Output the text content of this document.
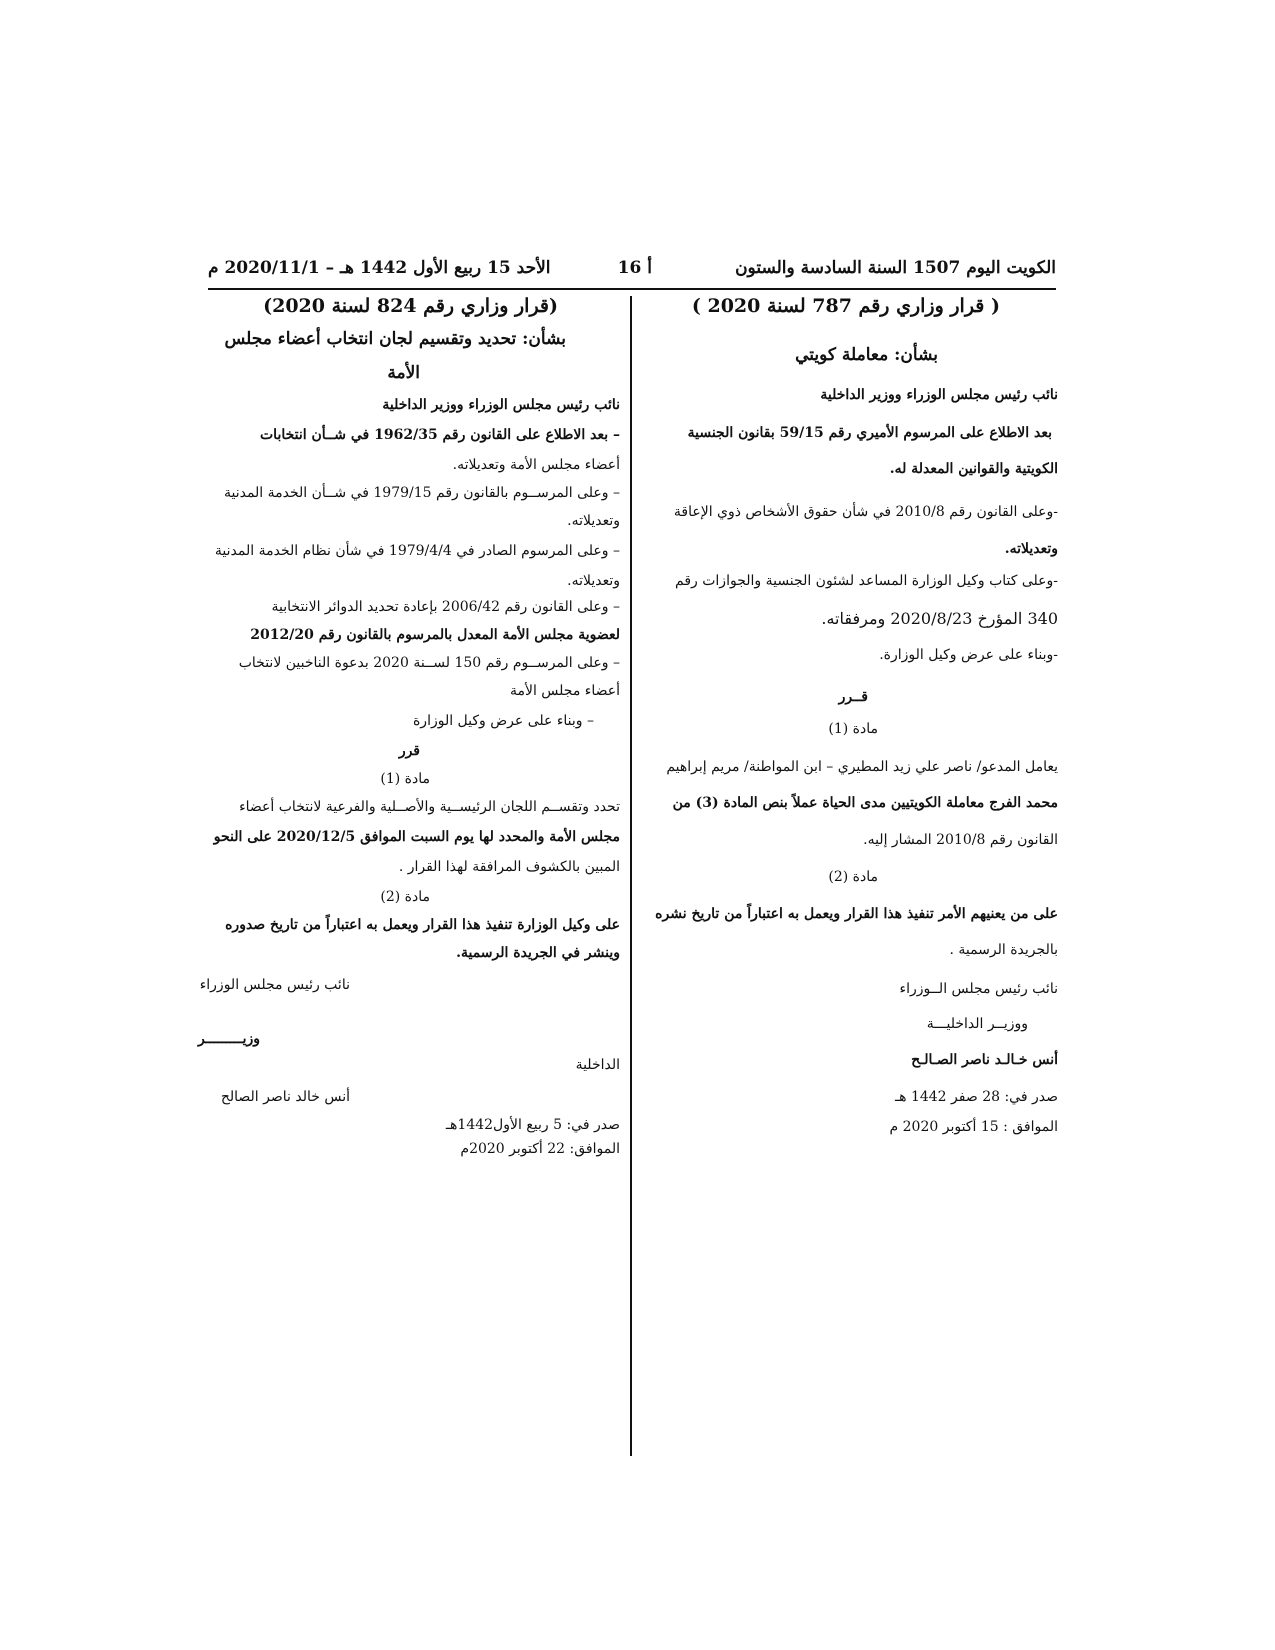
الكويت اليوم 1507 السنة السادسة والستون
أ 16
الأحد 15 ربيع الأول 1442 هـ – 2020/11/1 م
( قرار وزاري رقم 787 لسنة 2020 )
بشأن: معاملة كويتي
نائب رئيس مجلس الوزراء ووزير الداخلية
بعد الاطلاع على المرسوم الأميري رقم 59/15 بقانون الجنسية
الكويتية والقوانين المعدلة له.
-وعلى القانون رقم 2010/8 في شأن حقوق الأشخاص ذوي الإعاقة
وتعديلاته.
-وعلى كتاب وكيل الوزارة المساعد لشئون الجنسية والجوازات رقم
340 المؤرخ 2020/8/23 ومرفقاته.
-وبناء على عرض وكيل الوزارة.
قــرر
مادة (1)
يعامل المدعو/ ناصر علي زيد المطيري – ابن المواطنة/ مريم إبراهيم
محمد الفرج معاملة الكويتيين مدى الحياة عملاً بنص المادة (3) من
القانون رقم 2010/8 المشار إليه.
مادة (2)
على من يعنيهم الأمر تنفيذ هذا القرار ويعمل به اعتباراً من تاريخ نشره
بالجريدة الرسمية .
نائب رئيس مجلس الــوزراء
ووزيــر الداخليـــة
أنس خـالـد ناصر الصـالـح
صدر في: 28 صفر 1442 هـ
الموافق : 15 أكتوبر 2020 م
(قرار وزاري رقم 824 لسنة 2020)
بشأن: تحديد وتقسيم لجان انتخاب أعضاء مجلس
الأمة
نائب رئيس مجلس الوزراء ووزير الداخلية
– بعد الاطلاع على القانون رقم 1962/35 في شــأن انتخابات
أعضاء مجلس الأمة وتعديلاته.
– وعلى المرســوم بالقانون رقم 1979/15 في شــأن الخدمة المدنية
وتعديلاته.
– وعلى المرسوم الصادر في 1979/4/4 في شأن نظام الخدمة المدنية
وتعديلاته.
– وعلى القانون رقم 2006/42 بإعادة تحديد الدوائر الانتخابية
لعضوية مجلس الأمة المعدل بالمرسوم بالقانون رقم 2012/20
– وعلى المرســوم رقم 150 لســنة 2020 بدعوة الناخبين لانتخاب
أعضاء مجلس الأمة
– وبناء على عرض وكيل الوزارة
قرر
مادة (1)
تحدد وتقســم اللجان الرئيســية والأصــلية والفرعية لانتخاب أعضاء
مجلس الأمة والمحدد لها يوم السبت الموافق 2020/12/5 على النحو
المبين بالكشوف المرافقة لهذا القرار .
مادة (2)
على وكيل الوزارة تنفيذ هذا القرار ويعمل به اعتباراً من تاريخ صدوره
وينشر في الجريدة الرسمية.
نائب رئيس مجلس الوزراء
وزيـــــــــر
الداخلية
أنس خالد ناصر الصالح
صدر في: 5 ربيع الأول1442هـ
الموافق: 22 أكتوبر 2020م
